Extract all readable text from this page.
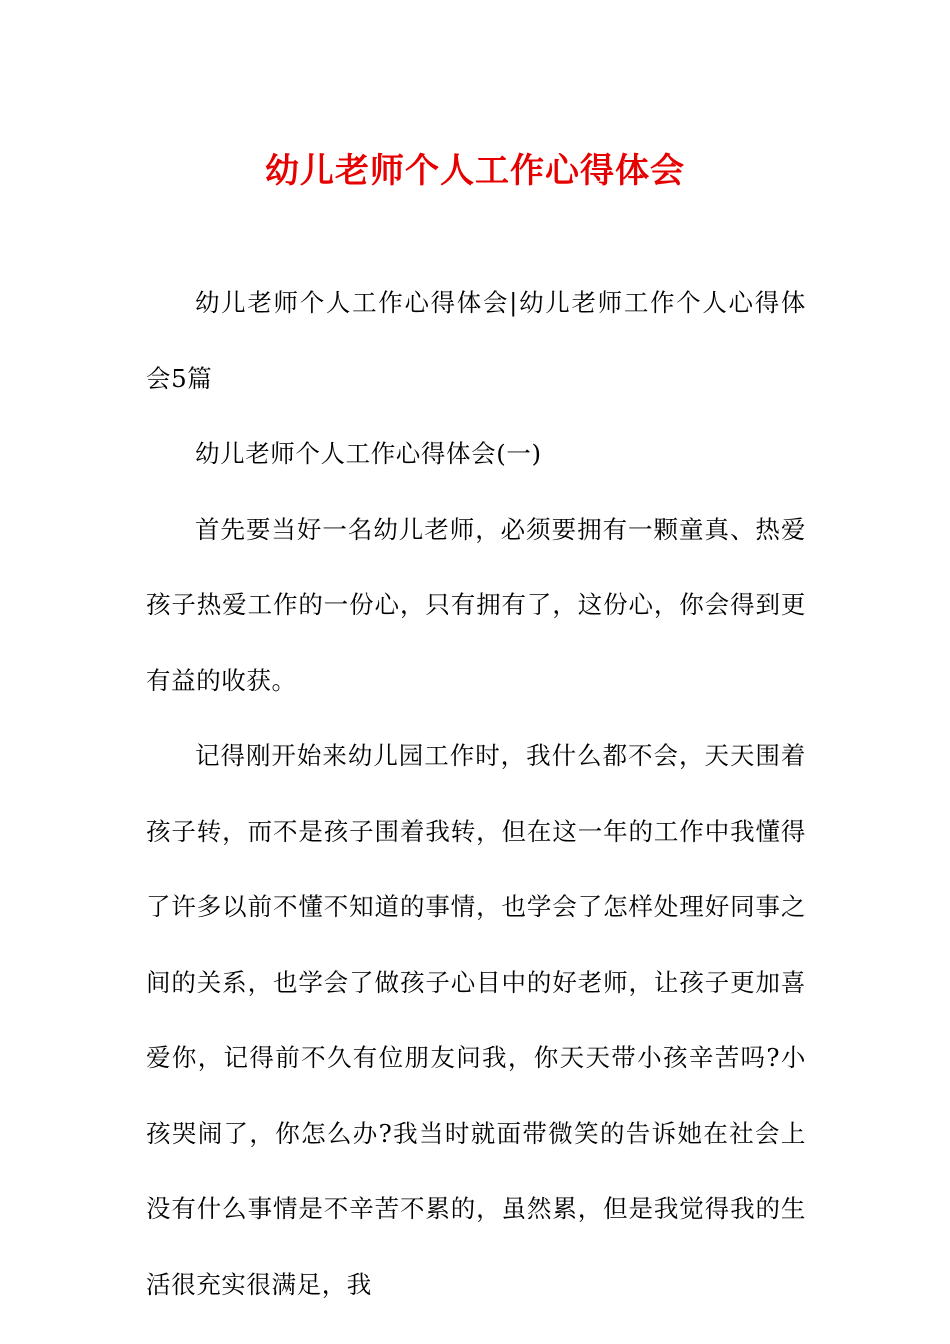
幼儿老师个人工作心得体会

幼儿老师个人工作心得体会|幼儿老师工作个人心得体会5篇

幼儿老师个人工作心得体会(一)

首先要当好一名幼儿老师，必须要拥有一颗童真、热爱孩子热爱工作的一份心，只有拥有了，这份心，你会得到更有益的收获。

记得刚开始来幼儿园工作时，我什么都不会，天天围着孩子转，而不是孩子围着我转，但在这一年的工作中我懂得了许多以前不懂不知道的事情，也学会了怎样处理好同事之间的关系，也学会了做孩子心目中的好老师，让孩子更加喜爱你，记得前不久有位朋友问我，你天天带小孩辛苦吗?小孩哭闹了，你怎么办?我当时就面带微笑的告诉她在社会上没有什么事情是不辛苦不累的，虽然累，但是我觉得我的生活很充实很满足，我
